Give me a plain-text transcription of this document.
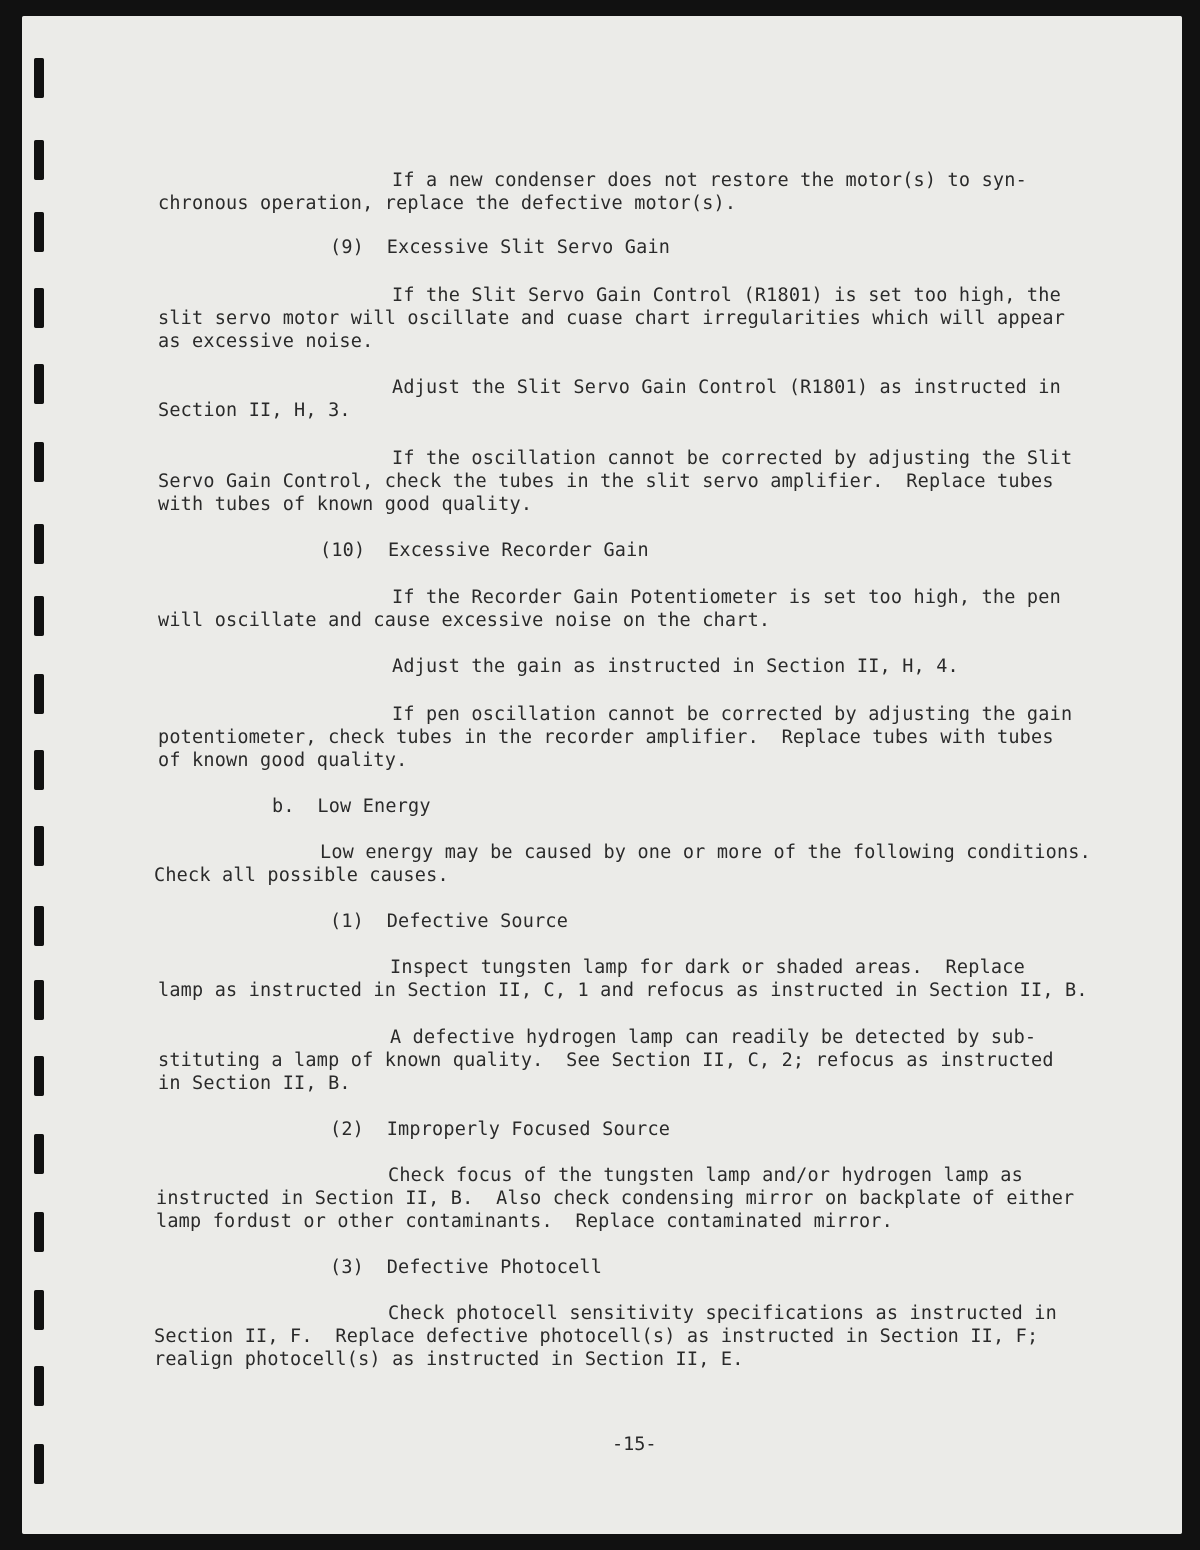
If a new condenser does not restore the motor(s) to syn-
chronous operation, replace the defective motor(s).
(9)  Excessive Slit Servo Gain
If the Slit Servo Gain Control (R1801) is set too high, the
slit servo motor will oscillate and cuase chart irregularities which will appear
as excessive noise.
Adjust the Slit Servo Gain Control (R1801) as instructed in
Section II, H, 3.
If the oscillation cannot be corrected by adjusting the Slit
Servo Gain Control, check the tubes in the slit servo amplifier.  Replace tubes
with tubes of known good quality.
(10)  Excessive Recorder Gain
If the Recorder Gain Potentiometer is set too high, the pen
will oscillate and cause excessive noise on the chart.
Adjust the gain as instructed in Section II, H, 4.
If pen oscillation cannot be corrected by adjusting the gain
potentiometer, check tubes in the recorder amplifier.  Replace tubes with tubes
of known good quality.
b.  Low Energy
Low energy may be caused by one or more of the following conditions.
Check all possible causes.
(1)  Defective Source
Inspect tungsten lamp for dark or shaded areas.  Replace
lamp as instructed in Section II, C, 1 and refocus as instructed in Section II, B.
A defective hydrogen lamp can readily be detected by sub-
stituting a lamp of known quality.  See Section II, C, 2; refocus as instructed
in Section II, B.
(2)  Improperly Focused Source
Check focus of the tungsten lamp and/or hydrogen lamp as
instructed in Section II, B.  Also check condensing mirror on backplate of either
lamp fordust or other contaminants.  Replace contaminated mirror.
(3)  Defective Photocell
Check photocell sensitivity specifications as instructed in
Section II, F.  Replace defective photocell(s) as instructed in Section II, F;
realign photocell(s) as instructed in Section II, E.
-15-
